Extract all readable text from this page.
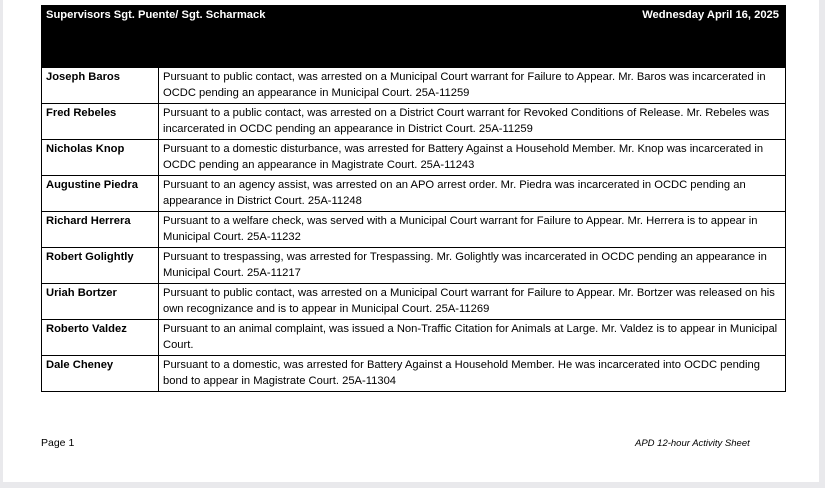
Supervisors Sgt. Puente/ Sgt. Scharmack		Wednesday April 16, 2025

Joseph Baros	Pursuant to public contact, was arrested on a Municipal Court warrant for Failure to Appear. Mr. Baros was incarcerated in OCDC pending an appearance in Municipal Court. 25A-11259	
Fred Rebeles	Pursuant to a public contact, was arrested on a District Court warrant for Revoked Conditions of Release. Mr. Rebeles was incarcerated in OCDC pending an appearance in District Court. 25A-11259	
Nicholas Knop	Pursuant to a domestic disturbance, was arrested for Battery Against a Household Member. Mr. Knop was incarcerated in OCDC pending an appearance in Magistrate Court. 25A-11243	
Augustine Piedra	Pursuant to an agency assist, was arrested on an APO arrest order. Mr. Piedra was incarcerated in OCDC pending an appearance in District Court. 25A-11248	
Richard Herrera	Pursuant to a welfare check, was served with a Municipal Court warrant for Failure to Appear. Mr. Herrera is to appear in Municipal Court. 25A-11232	
Robert Golightly	Pursuant to trespassing, was arrested for Trespassing. Mr. Golightly was incarcerated in OCDC pending an appearance in Municipal Court. 25A-11217	
Uriah Bortzer	Pursuant to public contact, was arrested on a Municipal Court warrant for Failure to Appear. Mr. Bortzer was released on his own recognizance and is to appear in Municipal Court. 25A-11269	
Roberto Valdez	Pursuant to an animal complaint, was issued a Non-Traffic Citation for Animals at Large. Mr. Valdez is to appear in Municipal Court.	
Dale Cheney	Pursuant to a domestic, was arrested for Battery Against a Household Member. He was incarcerated into OCDC pending bond to appear in Magistrate Court. 25A-11304	
Page 1	APD 12-hour Activity Sheet
